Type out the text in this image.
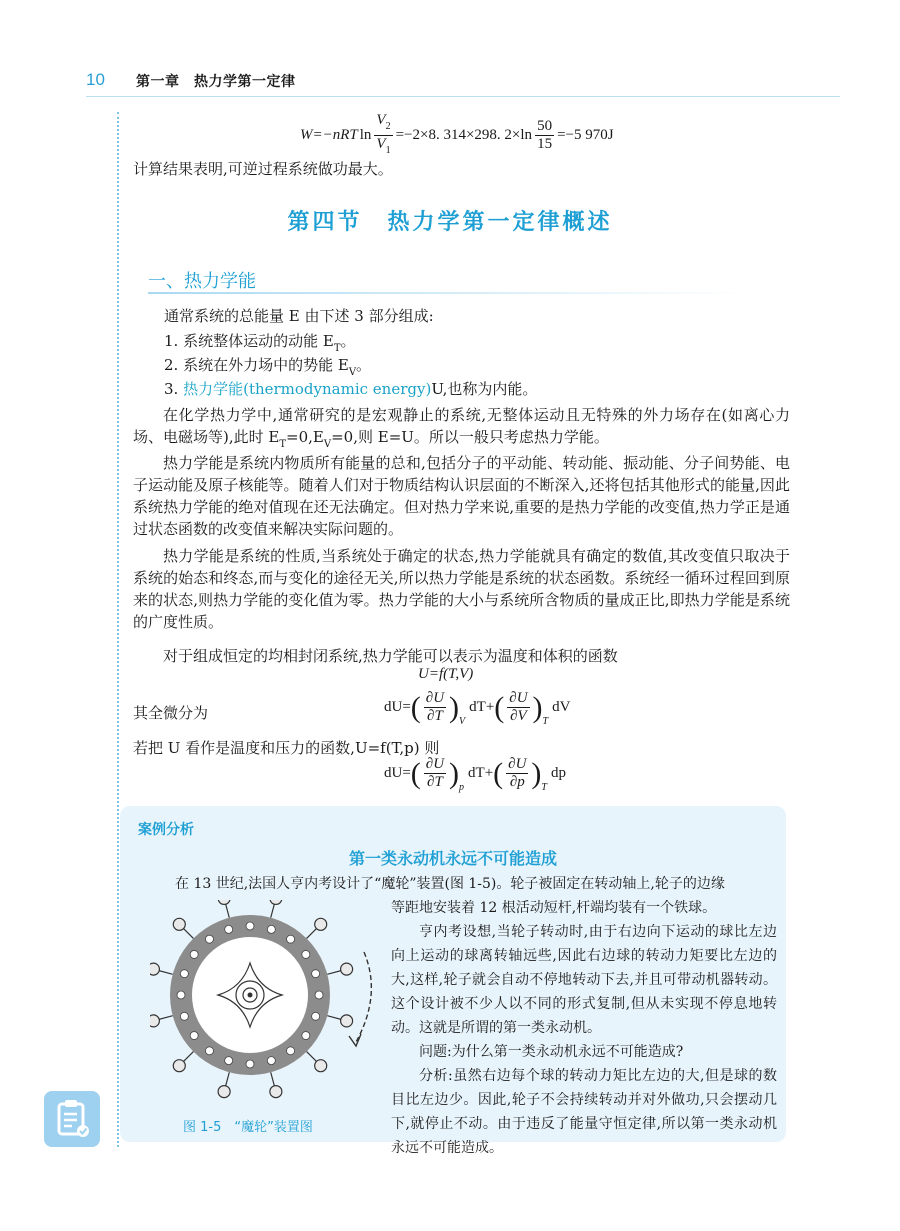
10 第一章　热力学第一定律
W=−nRT $\ln \frac{V_2}{V_1} =-2\times 8$. 314×298. $2\times\ln \frac{50}{15} =-5$ 970J
计算结果表明,可逆过程系统做功最大。
第四节　热力学第一定律概述
一、热力学能
通常系统的总能量 E 由下述 3 部分组成:
1. 系统整体运动的动能 $E_T$。
2. 系统在外力场中的势能 $E_V$。
3. 热力学能(thermodynamic energy)U,也称为内能。
在化学热力学中,通常研究的是宏观静止的系统,无整体运动且无特殊的外力场存在(如离心力场、电磁场等),此时 $E_T=0,E_V=0$,则 E=U。所以一般只考虑热力学能。
热力学能是系统内物质所有能量的总和,包括分子的平动能、转动能、振动能、分子间势能、电子运动能及原子核能等。随着人们对于物质结构认识层面的不断深入,还将包括其他形式的能量,因此系统热力学能的绝对值现在还无法确定。但对热力学来说,重要的是热力学能的改变值,热力学正是通过状态函数的改变值来解决实际问题的。
热力学能是系统的性质,当系统处于确定的状态,热力学能就具有确定的数值,其改变值只取决于系统的始态和终态,而与变化的途径无关,所以热力学能是系统的状态函数。系统经一循环过程回到原来的状态,则热力学能的变化值为零。热力学能的大小与系统所含物质的量成正比,即热力学能是系统的广度性质。
对于组成恒定的均相封闭系统,热力学能可以表示为温度和体积的函数
U=f(T,V)
其全微分为	dU= ( $\frac{\partial U}{\partial T}$ ) V
dT+ ( $\frac{\partial U}{\partial V}$ ) T
dV
若把 U 看作是温度和压力的函数,U=f(T,p) 则
dU= ( $\frac{\partial U}{\partial T}$ ) p
dT+ ( $\frac{\partial U}{\partial p}$ ) T
dp
案例分析
第一类永动机永远不可能造成
在 13 世纪,法国人亨内考设计了“魔轮”装置(图 1-5)。轮子被固定在转动轴上,轮子的边缘
等距地安装着 12 根活动短杆,杆端均装有一个铁球。
亨内考设想,当轮子转动时,由于右边向下运动的球比左边向上运动的球离转轴远些,因此右边球的转动力矩要比左边的大,这样,轮子就会自动不停地转动下去,并且可带动机器转动。这个设计被不少人以不同的形式复制,但从未实现不停息地转动。这就是所谓的第一类永动机。
问题:为什么第一类永动机永远不可能造成?
分析:虽然右边每个球的转动力矩比左边的大,但是球的数目比左边少。因此,轮子不会持续转动并对外做功,只会摆动几下,就停止不动。由于违反了能量守恒定律,所以第一类永动机永远不可能造成。
图 1-5　“魔轮”装置图
